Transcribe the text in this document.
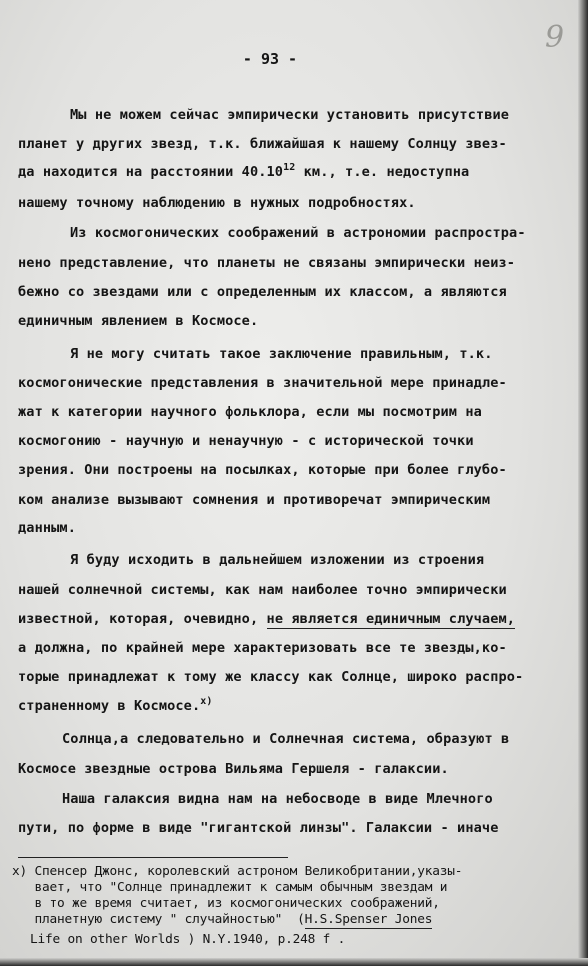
9
- 93 -
Мы не можем сейчас эмпирически установить присутствие
планет у других звезд, т.к. ближайшая к нашему Солнцу звез-
да находится на расстоянии 40.10$^{12}$ км., т.е. недоступна
нашему точному наблюдению в нужных подробностях.
Из космогонических соображений в астрономии распростра-
нено представление, что планеты не связаны эмпирически неиз-
бежно со звездами или с определенным их классом, а являются
единичным явлением в Космосе.
Я не могу считать такое заключение правильным, т.к.
космогонические представления в значительной мере принадле-
жат к категории научного фольклора, если мы посмотрим на
космогонию - научную и ненаучную - с исторической точки
зрения. Они построены на посылках, которые при более глубо-
ком анализе вызывают сомнения и противоречат эмпирическим
данным.
Я буду исходить в дальнейшем изложении из строения
нашей солнечной системы, как нам наиболее точно эмпирически
известной, которая, очевидно, не является единичным случаем,
а должна, по крайней мере характеризовать все те звезды,ко-
торые принадлежат к тому же классу как Солнце, широко распро-
страненному в Космосе.$^{x)}$
Солнца,а следовательно и Солнечная система, образуют в
Космосе звездные острова Вильяма Гершеля - галаксии.
Наша галаксия видна нам на небосводе в виде Млечного
пути, по форме в виде "гигантской линзы". Галаксии - иначе
x) Спенсер Джонс, королевский астроном Великобритании,указы-
вает, что "Солнце принадлежит к самым обычным звездам и
в то же время считает, из космогонических соображений,
планетную систему " случайностью"  (H.S.Spenser Jones
Life on other Worlds ) N.Y.1940, p.248 f .
